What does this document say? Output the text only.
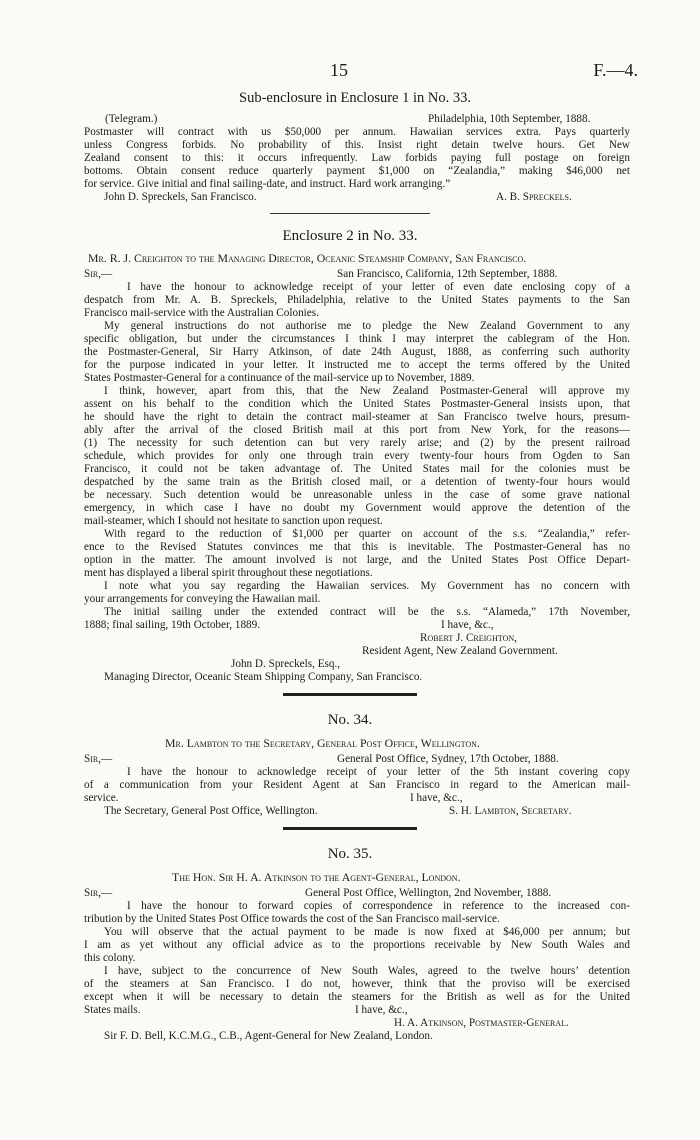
15	F.—4.
Sub-enclosure in Enclosure 1 in No. 33.
(Telegram.)	Philadelphia, 10th September, 1888.
Postmaster will contract with us $50,000 per annum. Hawaiian services extra. Pays quarterly
unless Congress forbids. No probability of this. Insist right detain twelve hours. Get New
Zealand consent to this: it occurs infrequently. Law forbids paying full postage on foreign
bottoms. Obtain consent reduce quarterly payment $1,000 on “Zealandia,” making $46,000 net
for service. Give initial and final sailing-date, and instruct. Hard work arranging.”
John D. Spreckels, San Francisco.	A. B. Spreckels.
Enclosure 2 in No. 33.
Mr. R. J. Creighton to the Managing Director, Oceanic Steamship Company, San Francisco.
Sir,—	San Francisco, California, 12th September, 1888.
I have the honour to acknowledge receipt of your letter of even date enclosing copy of a
despatch from Mr. A. B. Spreckels, Philadelphia, relative to the United States payments to the San
Francisco mail-service with the Australian Colonies.
My general instructions do not authorise me to pledge the New Zealand Government to any
specific obligation, but under the circumstances I think I may interpret the cablegram of the Hon.
the Postmaster-General, Sir Harry Atkinson, of date 24th August, 1888, as conferring such authority
for the purpose indicated in your letter. It instructed me to accept the terms offered by the United
States Postmaster-General for a continuance of the mail-service up to November, 1889.
I think, however, apart from this, that the New Zealand Postmaster-General will approve my
assent on his behalf to the condition which the United States Postmaster-General insists upon, that
he should have the right to detain the contract mail-steamer at San Francisco twelve hours, presum-
ably after the arrival of the closed British mail at this port from New York, for the reasons—
(1) The necessity for such detention can but very rarely arise; and (2) by the present railroad
schedule, which provides for only one through train every twenty-four hours from Ogden to San
Francisco, it could not be taken advantage of. The United States mail for the colonies must be
despatched by the same train as the British closed mail, or a detention of twenty-four hours would
be necessary. Such detention would be unreasonable unless in the case of some grave national
emergency, in which case I have no doubt my Government would approve the detention of the
mail-steamer, which I should not hesitate to sanction upon request.
With regard to the reduction of $1,000 per quarter on account of the s.s. “Zealandia,” refer-
ence to the Revised Statutes convinces me that this is inevitable. The Postmaster-General has no
option in the matter. The amount involved is not large, and the United States Post Office Depart-
ment has displayed a liberal spirit throughout these negotiations.
I note what you say regarding the Hawaiian services. My Government has no concern with
your arrangements for conveying the Hawaiian mail.
The initial sailing under the extended contract will be the s.s. “Alameda,” 17th November,
1888; final sailing, 19th October, 1889.	I have, &c.,
Robert J. Creighton,
Resident Agent, New Zealand Government.
John D. Spreckels, Esq.,
Managing Director, Oceanic Steam Shipping Company, San Francisco.
No. 34.
Mr. Lambton to the Secretary, General Post Office, Wellington.
Sir,—	General Post Office, Sydney, 17th October, 1888.
I have the honour to acknowledge receipt of your letter of the 5th instant covering copy
of a communication from your Resident Agent at San Francisco in regard to the American mail-
service.	I have, &c.,
The Secretary, General Post Office, Wellington.	S. H. Lambton, Secretary.
No. 35.
The Hon. Sir H. A. Atkinson to the Agent-General, London.
Sir,—	General Post Office, Wellington, 2nd November, 1888.
I have the honour to forward copies of correspondence in reference to the increased con-
tribution by the United States Post Office towards the cost of the San Francisco mail-service.
You will observe that the actual payment to be made is now fixed at $46,000 per annum; but
I am as yet without any official advice as to the proportions receivable by New South Wales and
this colony.
I have, subject to the concurrence of New South Wales, agreed to the twelve hours’ detention
of the steamers at San Francisco. I do not, however, think that the proviso will be exercised
except when it will be necessary to detain the steamers for the British as well as for the United
States mails.	I have, &c.,
H. A. Atkinson, Postmaster-General.
Sir F. D. Bell, K.C.M.G., C.B., Agent-General for New Zealand, London.
